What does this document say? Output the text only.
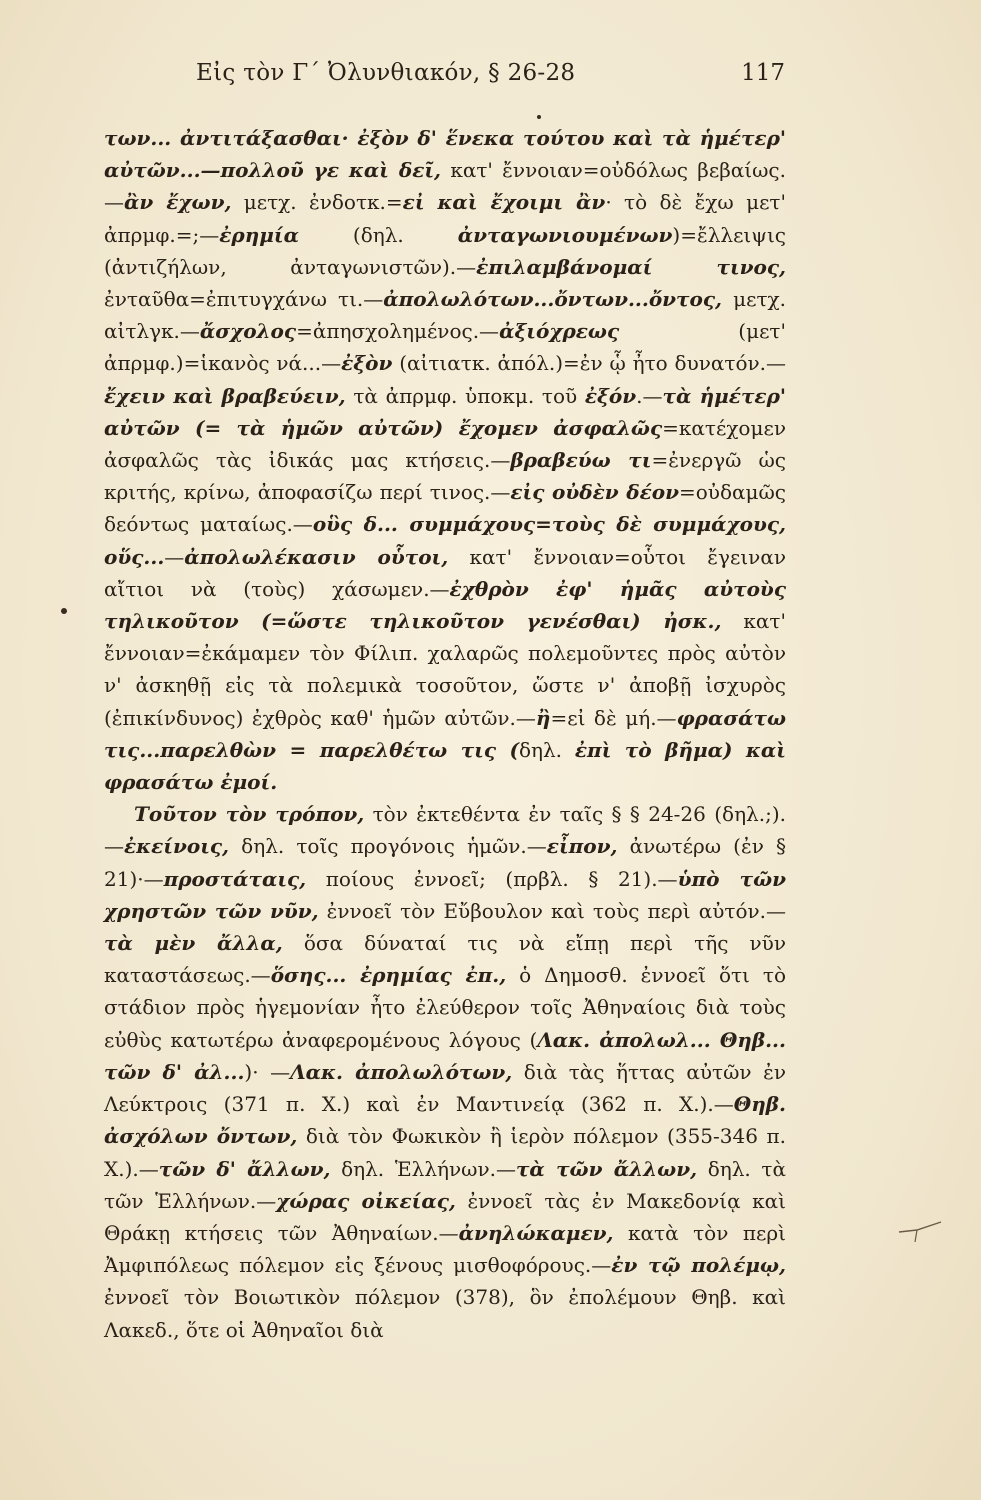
Εἰς τὸν Γ΄ Ὀλυνθιακόν, § 26-28	117

των... ἀντιτάξασθαι· ἐξὸν δ' ἕνεκα τούτου καὶ τὰ ἡμέτερ' αὐτῶν...—πολλοῦ γε καὶ δεῖ, κατ' ἔννοιαν=οὐδόλως βεβαίως. —ἂν ἔχων, μετχ. ἐνδοτκ.=εἰ καὶ ἔχοιμι ἂν· τὸ δὲ ἔχω μετ' ἀπρμφ.=;—ἐρημία (δηλ. ἀνταγωνιουμένων)=ἔλλειψις (ἀντιζήλων, ἀνταγωνιστῶν).—ἐπιλαμβάνομαί τινος, ἐνταῦθα=ἐπιτυγχάνω τι.—ἀπολωλότων...ὄντων...ὄντος, μετχ. αἰτλγκ.—ἄσχολος=ἀπησχολημένος.—ἀξιόχρεως (μετ' ἀπρμφ.)=ἱκανὸς νά...—ἐξὸν (αἰτιατκ. ἀπόλ.)=ἐν ᾧ ἦτο δυνατόν.—ἔχειν καὶ βραβεύειν, τὰ ἀπρμφ. ὑποκμ. τοῦ ἐξόν.—τὰ ἡμέτερ' αὐτῶν (= τὰ ἡμῶν αὐτῶν) ἔχομεν ἀσφαλῶς=κατέχομεν ἀσφαλῶς τὰς ἰδικάς μας κτήσεις.—βραβεύω τι=ἐνεργῶ ὡς κριτής, κρίνω, ἀποφασίζω περί τινος.—εἰς οὐδὲν δέον=οὐδαμῶς δεόντως ματαίως.—οὓς δ... συμμάχους=τοὺς δὲ συμμάχους, οὕς...—ἀπολωλέκασιν οὗτοι, κατ' ἔννοιαν=οὗτοι ἔγειναν αἴτιοι νὰ (τοὺς) χάσωμεν.—ἐχθρὸν ἐφ' ἡμᾶς αὐτοὺς τηλικοῦτον (=ὥστε τηλικοῦτον γενέσθαι) ἠσκ., κατ' ἔννοιαν=ἐκάμαμεν τὸν Φίλιπ. χαλαρῶς πολεμοῦντες πρὸς αὐτὸν ν' ἀσκηθῇ εἰς τὰ πολεμικὰ τοσοῦτον, ὥστε ν' ἀποβῇ ἰσχυρὸς (ἐπικίνδυνος) ἐχθρὸς καθ' ἡμῶν αὐτῶν.—ἢ=εἰ δὲ μή.—φρασάτω τις...παρελθὼν = παρελθέτω τις (δηλ. ἐπὶ τὸ βῆμα) καὶ φρασάτω ἐμοί.

Τοῦτον τὸν τρόπον, τὸν ἐκτεθέντα ἐν ταῖς § § 24-26 (δηλ.;). —ἐκείνοις, δηλ. τοῖς προγόνοις ἡμῶν.—εἶπον, ἀνωτέρω (ἐν § 21)·—προστάταις, ποίους ἐννοεῖ; (πρβλ. § 21).—ὑπὸ τῶν χρηστῶν τῶν νῦν, ἐννοεῖ τὸν Εὔβουλον καὶ τοὺς περὶ αὐτόν.—τὰ μὲν ἄλλα, ὅσα δύναταί τις νὰ εἴπῃ περὶ τῆς νῦν καταστάσεως.—ὅσης... ἐρημίας ἐπ., ὁ Δημοσθ. ἐννοεῖ ὅτι τὸ στάδιον πρὸς ἡγεμονίαν ἦτο ἐλεύθερον τοῖς Ἀθηναίοις διὰ τοὺς εὐθὺς κατωτέρω ἀναφερομένους λόγους (Λακ. ἀπολωλ... Θηβ... τῶν δ' ἀλ...)· —Λακ. ἀπολωλότων, διὰ τὰς ἥττας αὐτῶν ἐν Λεύκτροις (371 π. Χ.) καὶ ἐν Μαντινείᾳ (362 π. Χ.).—Θηβ. ἀσχόλων ὄντων, διὰ τὸν Φωκικὸν ἢ ἱερὸν πόλεμον (355-346 π. Χ.).—τῶν δ' ἄλλων, δηλ. Ἑλλήνων.—τὰ τῶν ἄλλων, δηλ. τὰ τῶν Ἑλλήνων.—χώρας οἰκείας, ἐννοεῖ τὰς ἐν Μακεδονίᾳ καὶ Θράκῃ κτήσεις τῶν Ἀθηναίων.—ἀνηλώκαμεν, κατὰ τὸν περὶ Ἀμφιπόλεως πόλεμον εἰς ξένους μισθοφόρους.—ἐν τῷ πολέμῳ, ἐννοεῖ τὸν Βοιωτικὸν πόλεμον (378), ὃν ἐπολέμουν Θηβ. καὶ Λακεδ., ὅτε οἱ Ἀθηναῖοι διὰ
